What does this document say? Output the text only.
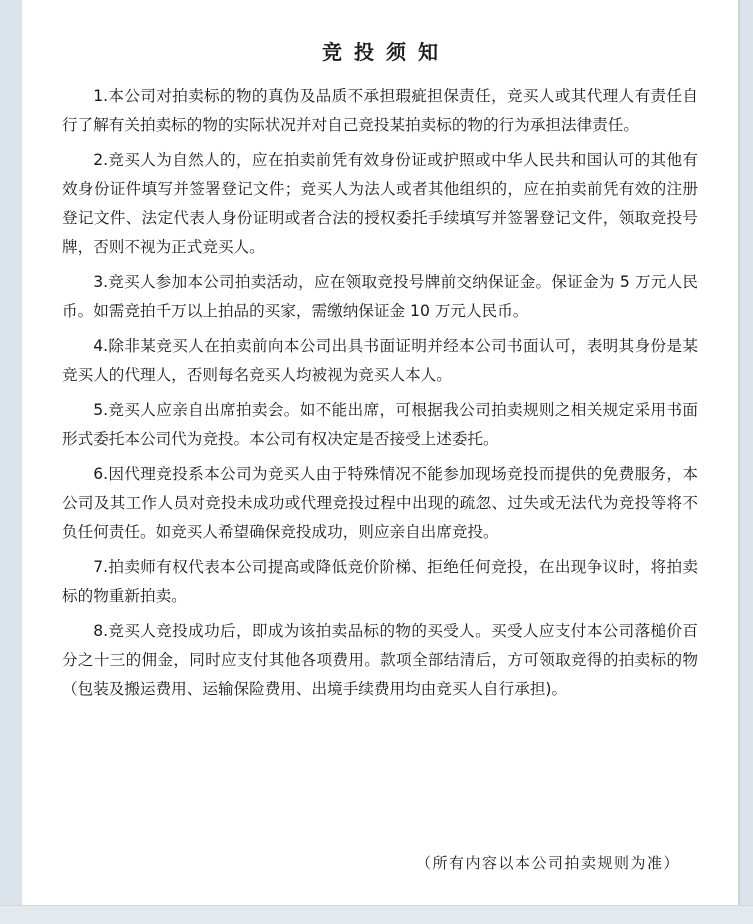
竞投须知

1.本公司对拍卖标的物的真伪及品质不承担瑕疵担保责任，竞买人或其代理人有责任自行了解有关拍卖标的物的实际状况并对自己竞投某拍卖标的物的行为承担法律责任。

2.竞买人为自然人的，应在拍卖前凭有效身份证或护照或中华人民共和国认可的其他有效身份证件填写并签署登记文件；竞买人为法人或者其他组织的，应在拍卖前凭有效的注册登记文件、法定代表人身份证明或者合法的授权委托手续填写并签署登记文件，领取竞投号牌，否则不视为正式竞买人。

3.竞买人参加本公司拍卖活动，应在领取竞投号牌前交纳保证金。保证金为 5 万元人民币。如需竞拍千万以上拍品的买家，需缴纳保证金 10 万元人民币。

4.除非某竞买人在拍卖前向本公司出具书面证明并经本公司书面认可，表明其身份是某竞买人的代理人，否则每名竞买人均被视为竞买人本人。

5.竞买人应亲自出席拍卖会。如不能出席，可根据我公司拍卖规则之相关规定采用书面形式委托本公司代为竞投。本公司有权决定是否接受上述委托。

6.因代理竞投系本公司为竞买人由于特殊情况不能参加现场竞投而提供的免费服务，本公司及其工作人员对竞投未成功或代理竞投过程中出现的疏忽、过失或无法代为竞投等将不负任何责任。如竞买人希望确保竞投成功，则应亲自出席竞投。

7.拍卖师有权代表本公司提高或降低竞价阶梯、拒绝任何竞投，在出现争议时，将拍卖标的物重新拍卖。

8.竞买人竞投成功后，即成为该拍卖品标的物的买受人。买受人应支付本公司落槌价百分之十三的佣金，同时应支付其他各项费用。款项全部结清后，方可领取竞得的拍卖标的物（包装及搬运费用、运输保险费用、出境手续费用均由竞买人自行承担)。

（所有内容以本公司拍卖规则为准）
